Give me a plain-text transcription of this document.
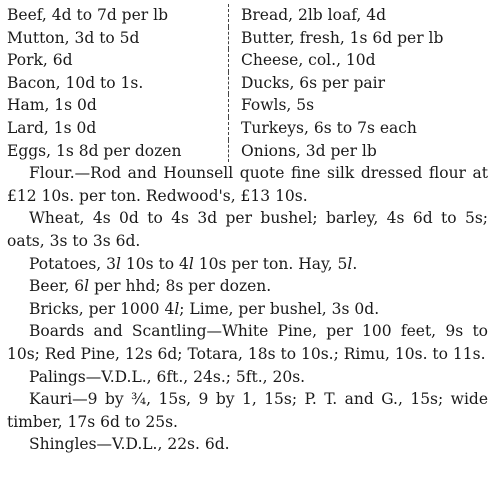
Beef, 4d to 7d per lb	Bread, 2lb loaf, 4d
Mutton, 3d to 5d	Butter, fresh, 1s 6d per lb
Pork, 6d	Cheese, col., 10d
Bacon, 10d to 1s.	Ducks, 6s per pair
Ham, 1s 0d	Fowls, 5s
Lard, 1s 0d	Turkeys, 6s to 7s each
Eggs, 1s 8d per dozen	Onions, 3d per lb

Flour.—Rod and Hounsell quote fine silk dressed flour at £12 10s. per ton. Redwood's, £13 10s.

Wheat, 4s 0d to 4s 3d per bushel; barley, 4s 6d to 5s; oats, 3s to 3s 6d.

Potatoes, 3l 10s to 4l 10s per ton. Hay, 5l.

Beer, 6l per hhd; 8s per dozen.

Bricks, per 1000 4l; Lime, per bushel, 3s 0d.

Boards and Scantling—White Pine, per 100 feet, 9s to 10s; Red Pine, 12s 6d; Totara, 18s to 10s.; Rimu, 10s. to 11s.

Palings—V.D.L., 6ft., 24s.; 5ft., 20s.

Kauri—9 by ¾, 15s, 9 by 1, 15s; P. T. and G., 15s; wide timber, 17s 6d to 25s.

Shingles—V.D.L., 22s. 6d.
